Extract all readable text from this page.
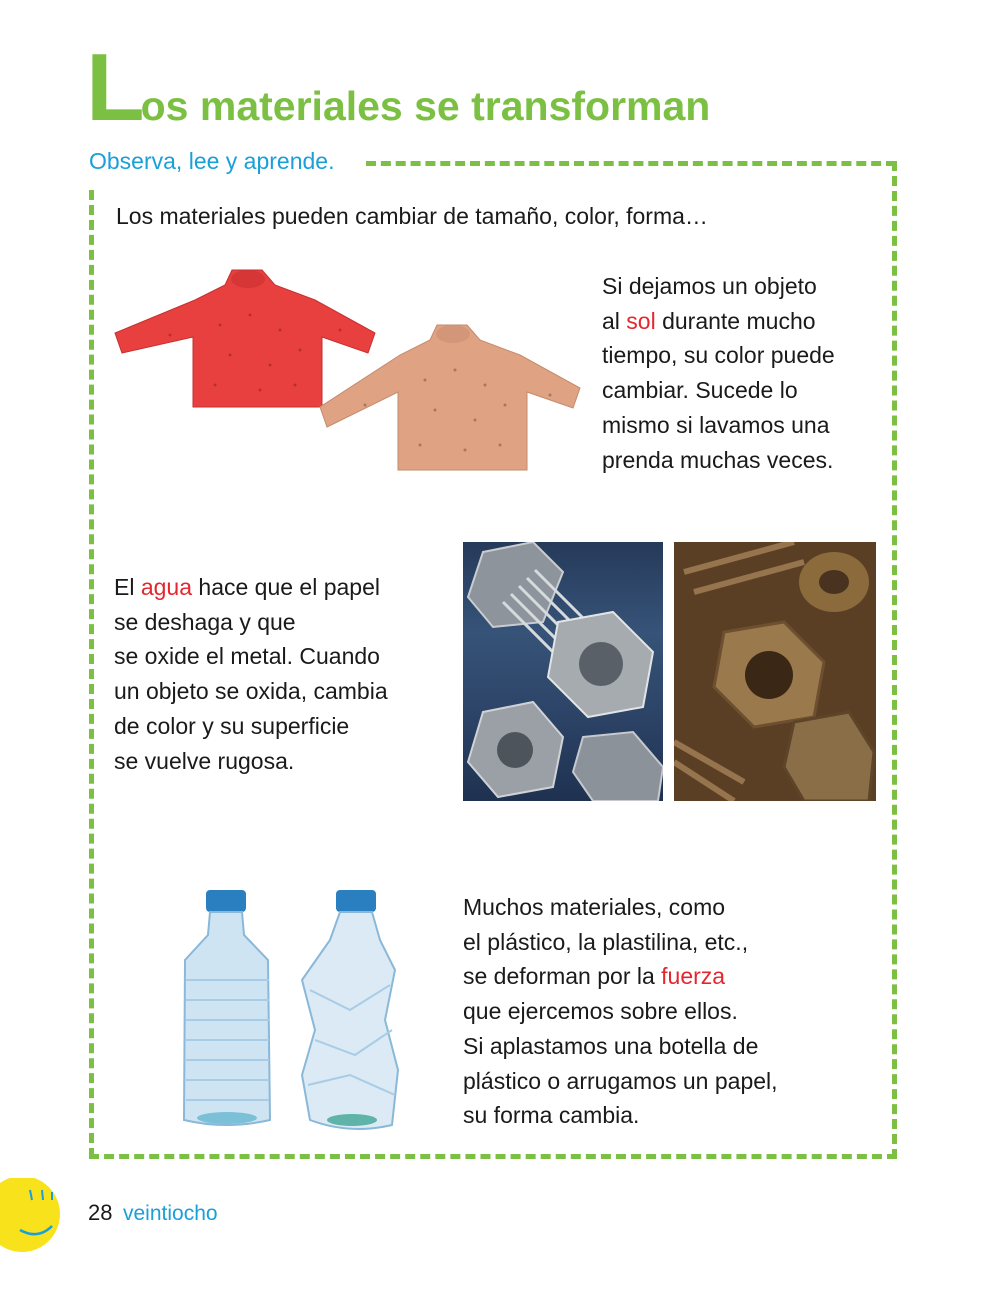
Los materiales se transforman
Observa, lee y aprende.
Los materiales pueden cambiar de tamaño, color, forma…
Si dejamos un objeto
al sol durante mucho
tiempo, su color puede
cambiar. Sucede lo
mismo si lavamos una
prenda muchas veces.
El agua hace que el papel
se deshaga y que
se oxide el metal. Cuando
un objeto se oxida, cambia
de color y su superficie
se vuelve rugosa.
Muchos materiales, como
el plástico, la plastilina, etc.,
se deforman por la fuerza
que ejercemos sobre ellos.
Si aplastamos una botella de
plástico o arrugamos un papel,
su forma cambia.
28 veintiocho
